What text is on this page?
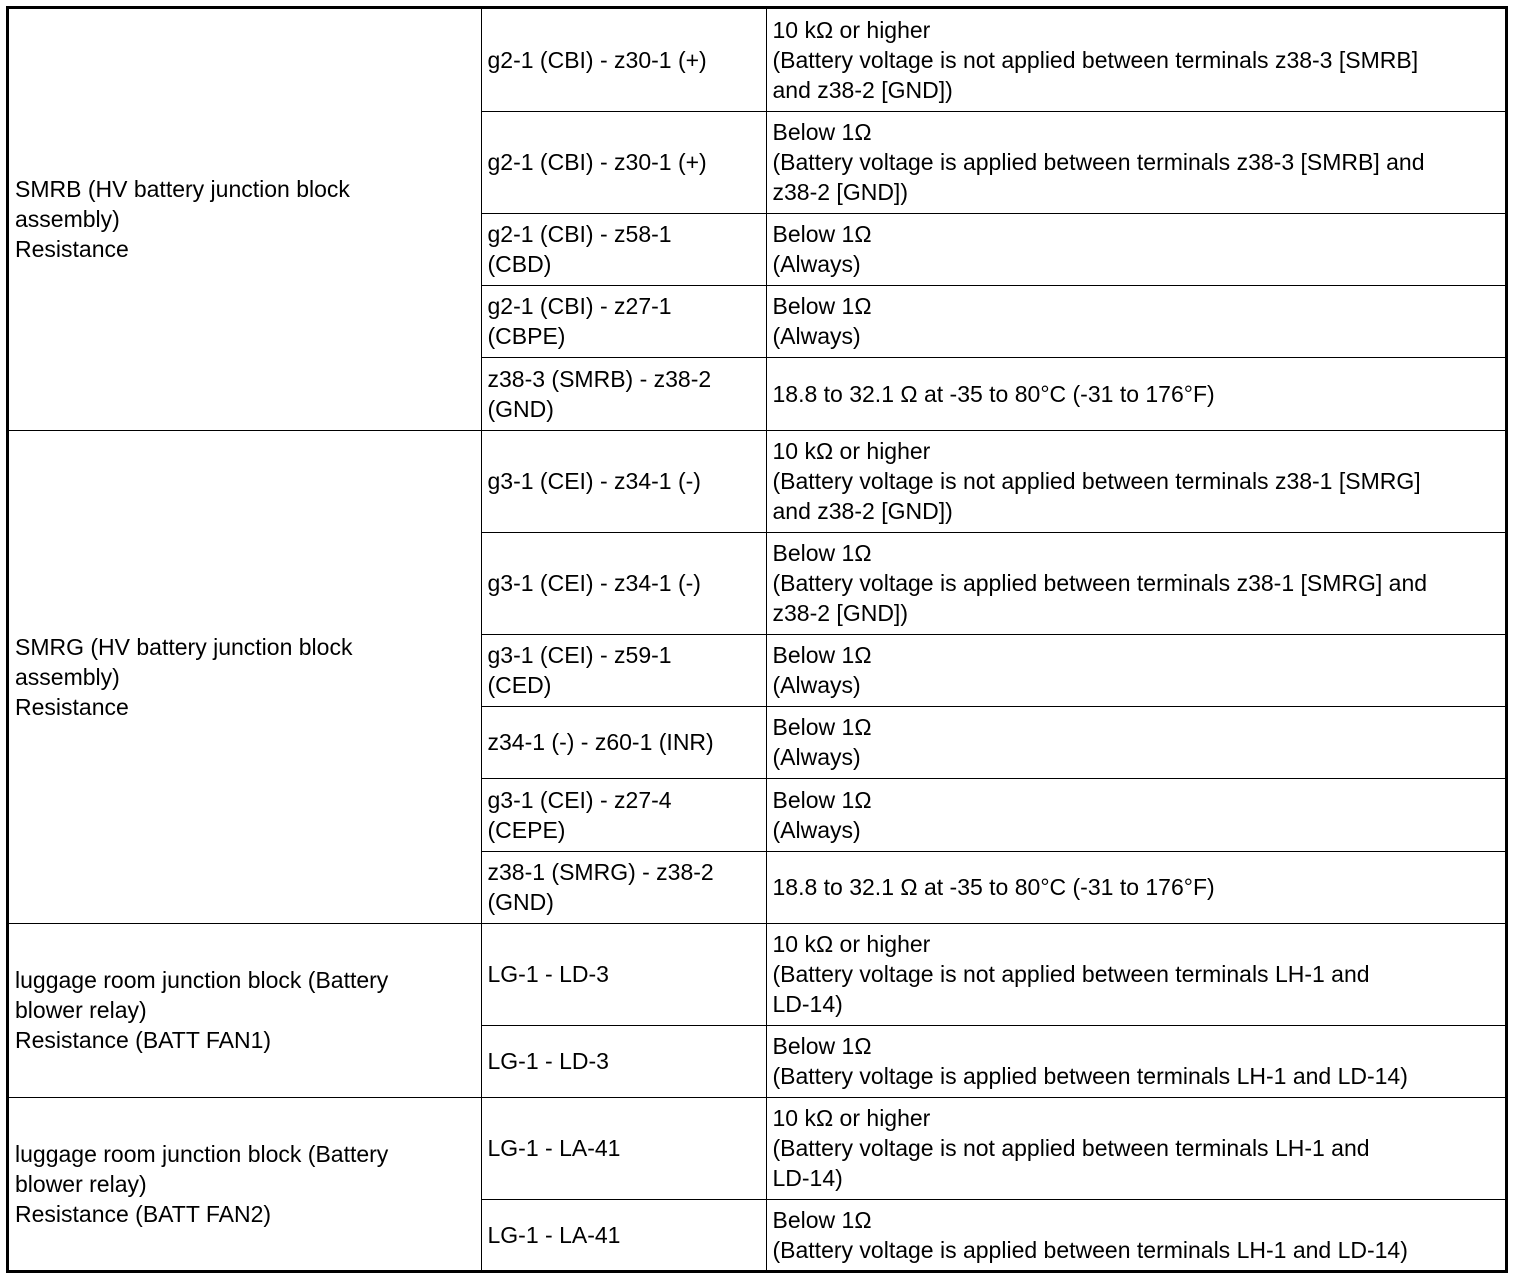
SMRB (HV battery junction block
assembly)
Resistance	g2-1 (CBI) - z30-1 (+)	10 kΩ or higher
(Battery voltage is not applied between terminals z38-3 [SMRB]
and z38-2 [GND])
	g2-1 (CBI) - z30-1 (+)	Below 1Ω
(Battery voltage is applied between terminals z38-3 [SMRB] and
z38-2 [GND])
	g2-1 (CBI) - z58-1
(CBD)	Below 1Ω
(Always)
	g2-1 (CBI) - z27-1
(CBPE)	Below 1Ω
(Always)
	z38-3 (SMRB) - z38-2
(GND)	18.8 to 32.1 Ω at -35 to 80°C (-31 to 176°F)
SMRG (HV battery junction block
assembly)
Resistance	g3-1 (CEI) - z34-1 (-)	10 kΩ or higher
(Battery voltage is not applied between terminals z38-1 [SMRG]
and z38-2 [GND])
	g3-1 (CEI) - z34-1 (-)	Below 1Ω
(Battery voltage is applied between terminals z38-1 [SMRG] and
z38-2 [GND])
	g3-1 (CEI) - z59-1
(CED)	Below 1Ω
(Always)
	z34-1 (-) - z60-1 (INR)	Below 1Ω
(Always)
	g3-1 (CEI) - z27-4
(CEPE)	Below 1Ω
(Always)
	z38-1 (SMRG) - z38-2
(GND)	18.8 to 32.1 Ω at -35 to 80°C (-31 to 176°F)
luggage room junction block (Battery
blower relay)
Resistance (BATT FAN1)	LG-1 - LD-3	10 kΩ or higher
(Battery voltage is not applied between terminals LH-1 and
LD-14)
	LG-1 - LD-3	Below 1Ω
(Battery voltage is applied between terminals LH-1 and LD-14)
luggage room junction block (Battery
blower relay)
Resistance (BATT FAN2)	LG-1 - LA-41	10 kΩ or higher
(Battery voltage is not applied between terminals LH-1 and
LD-14)
	LG-1 - LA-41	Below 1Ω
(Battery voltage is applied between terminals LH-1 and LD-14)
